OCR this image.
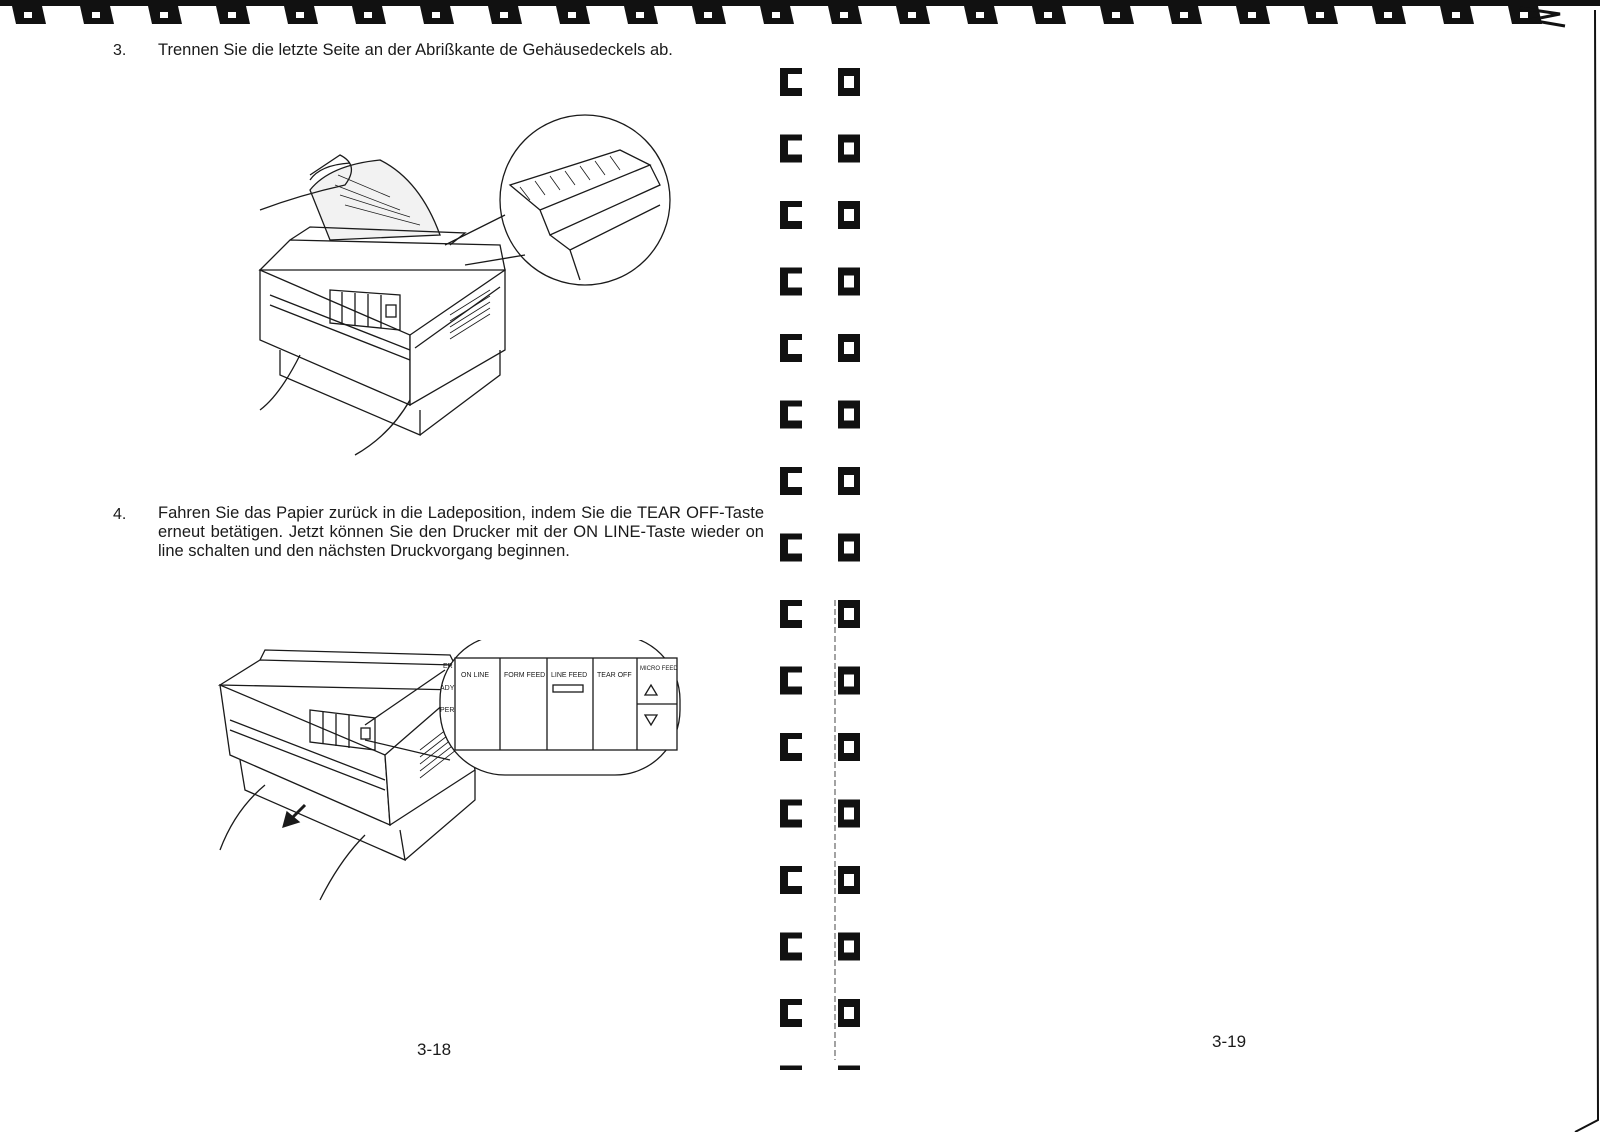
3. Trennen Sie die letzte Seite an der Abrißkante de Gehäusedeckels ab.
4. Fahren Sie das Papier zurück in die Ladeposition, indem Sie die TEAR OFF-Taste erneut betätigen. Jetzt können Sie den Drucker mit der ON LINE-Taste wieder on line schalten und den nächsten Druckvorgang beginnen.
ER
ADY
PER
ON LINE FORM FEED LINE FEED TEAR OFF
MICRO FEED
3-18	3-19
